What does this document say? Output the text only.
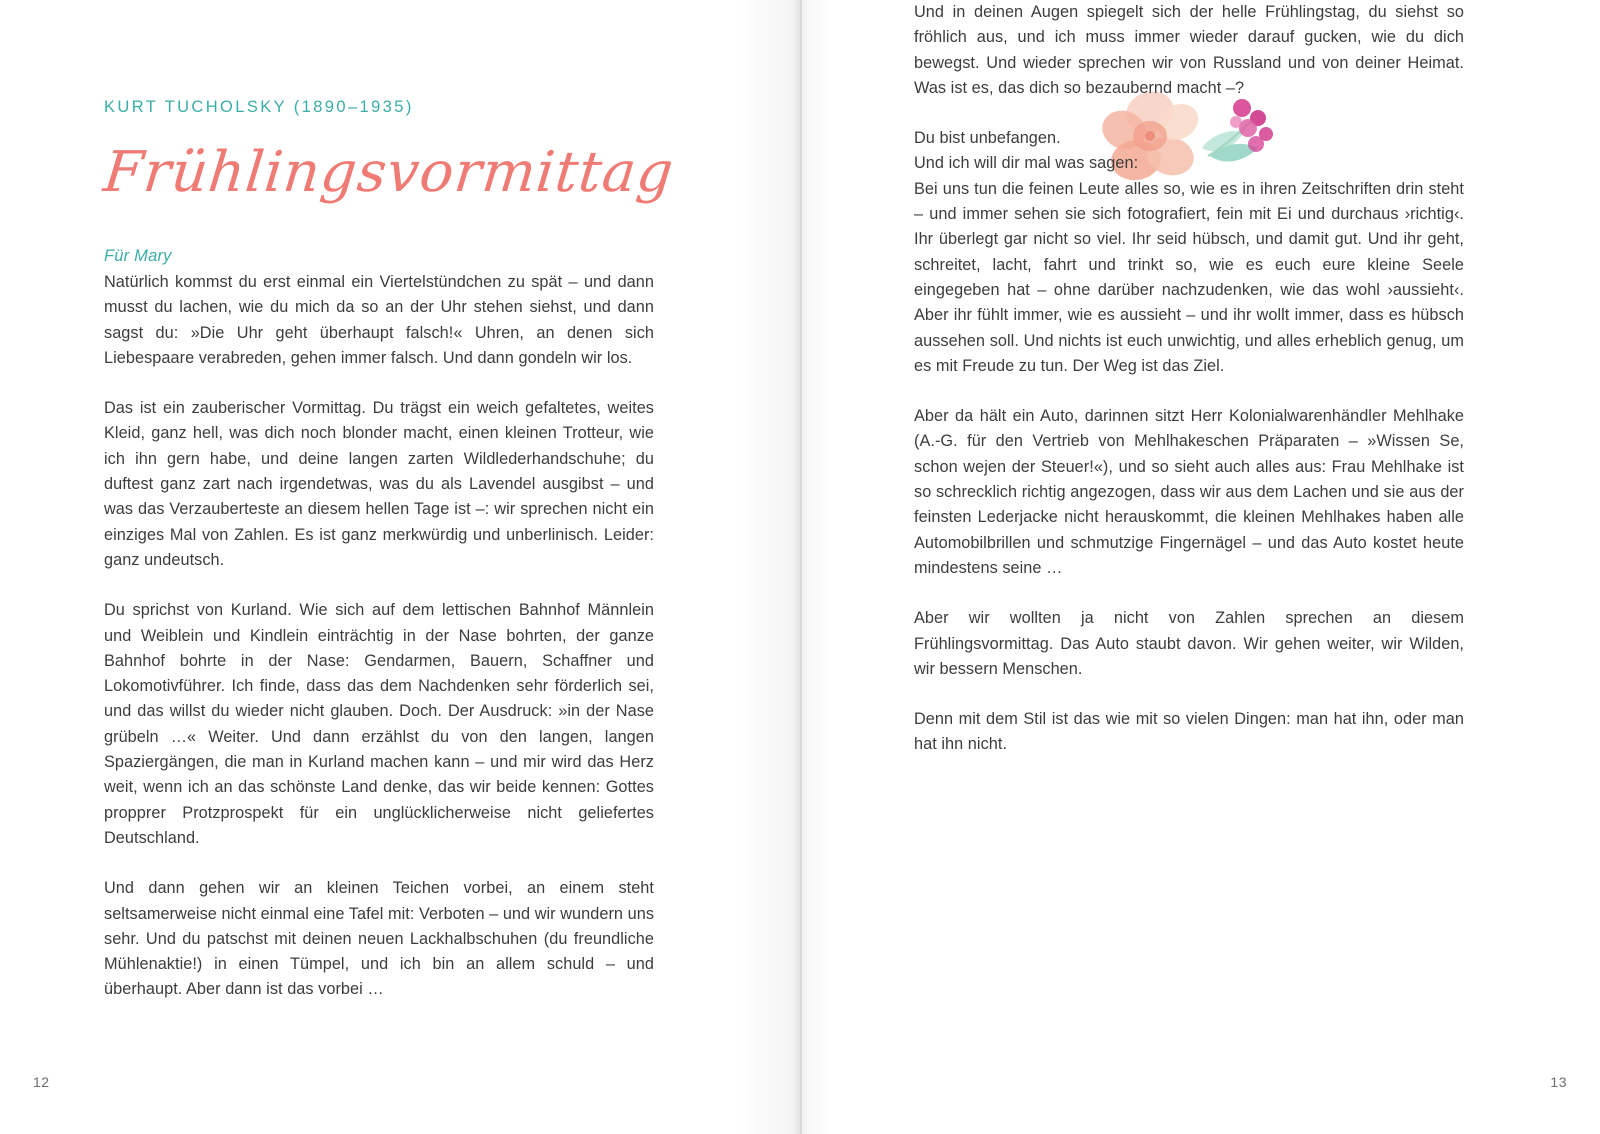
KURT TUCHOLSKY (1890–1935)
Frühlingsvormittag
Für Mary

Natürlich kommst du erst einmal ein Viertelstündchen zu spät – und dann musst du lachen, wie du mich da so an der Uhr stehen siehst, und dann sagst du: »Die Uhr geht überhaupt falsch!« Uhren, an denen sich Liebespaare verabreden, gehen immer falsch. Und dann gondeln wir los.

Das ist ein zauberischer Vormittag. Du trägst ein weich gefaltetes, weites Kleid, ganz hell, was dich noch blonder macht, einen kleinen Trotteur, wie ich ihn gern habe, und deine langen zarten Wildlederhandschuhe; du duftest ganz zart nach irgendetwas, was du als Lavendel ausgibst – und was das Verzauberteste an diesem hellen Tage ist –: wir sprechen nicht ein einziges Mal von Zahlen. Es ist ganz merkwürdig und unberlinisch. Leider: ganz undeutsch.

Du sprichst von Kurland. Wie sich auf dem lettischen Bahnhof Männlein und Weiblein und Kindlein einträchtig in der Nase bohrten, der ganze Bahnhof bohrte in der Nase: Gendarmen, Bauern, Schaffner und Lokomotivführer. Ich finde, dass das dem Nachdenken sehr förderlich sei, und das willst du wieder nicht glauben. Doch. Der Ausdruck: »in der Nase grübeln …« Weiter. Und dann erzählst du von den langen, langen Spaziergängen, die man in Kurland machen kann – und mir wird das Herz weit, wenn ich an das schönste Land denke, das wir beide kennen: Gottes propprer Protzprospekt für ein unglücklicherweise nicht geliefertes Deutschland.

Und dann gehen wir an kleinen Teichen vorbei, an einem steht seltsamerweise nicht einmal eine Tafel mit: Verboten – und wir wundern uns sehr. Und du patschst mit deinen neuen Lackhalbschuhen (du freundliche Mühlenaktie!) in einen Tümpel, und ich bin an allem schuld – und überhaupt. Aber dann ist das vorbei …

12

Und in deinen Augen spiegelt sich der helle Frühlingstag, du siehst so fröhlich aus, und ich muss immer wieder darauf gucken, wie du dich bewegst. Und wieder sprechen wir von Russland und von deiner Heimat. Was ist es, das dich so bezaubernd macht –?

Du bist unbefangen.

Und ich will dir mal was sagen:

Bei uns tun die feinen Leute alles so, wie es in ihren Zeitschriften drin steht – und immer sehen sie sich fotografiert, fein mit Ei und durchaus ›richtig‹. Ihr überlegt gar nicht so viel. Ihr seid hübsch, und damit gut. Und ihr geht, schreitet, lacht, fahrt und trinkt so, wie es euch eure kleine Seele eingegeben hat – ohne darüber nachzudenken, wie das wohl ›aussieht‹. Aber ihr fühlt immer, wie es aussieht – und ihr wollt immer, dass es hübsch aussehen soll. Und nichts ist euch unwichtig, und alles erheblich genug, um es mit Freude zu tun. Der Weg ist das Ziel.

Aber da hält ein Auto, darinnen sitzt Herr Kolonialwarenhändler Mehlhake (A.-G. für den Vertrieb von Mehlhakeschen Präparaten – »Wissen Se, schon wejen der Steuer!«), und so sieht auch alles aus: Frau Mehlhake ist so schrecklich richtig angezogen, dass wir aus dem Lachen und sie aus der feinsten Lederjacke nicht herauskommt, die kleinen Mehlhakes haben alle Automobilbrillen und schmutzige Fingernägel – und das Auto kostet heute mindestens seine …

Aber wir wollten ja nicht von Zahlen sprechen an diesem Frühlingsvormittag. Das Auto staubt davon. Wir gehen weiter, wir Wilden, wir bessern Menschen.

Denn mit dem Stil ist das wie mit so vielen Dingen: man hat ihn, oder man hat ihn nicht.

13
